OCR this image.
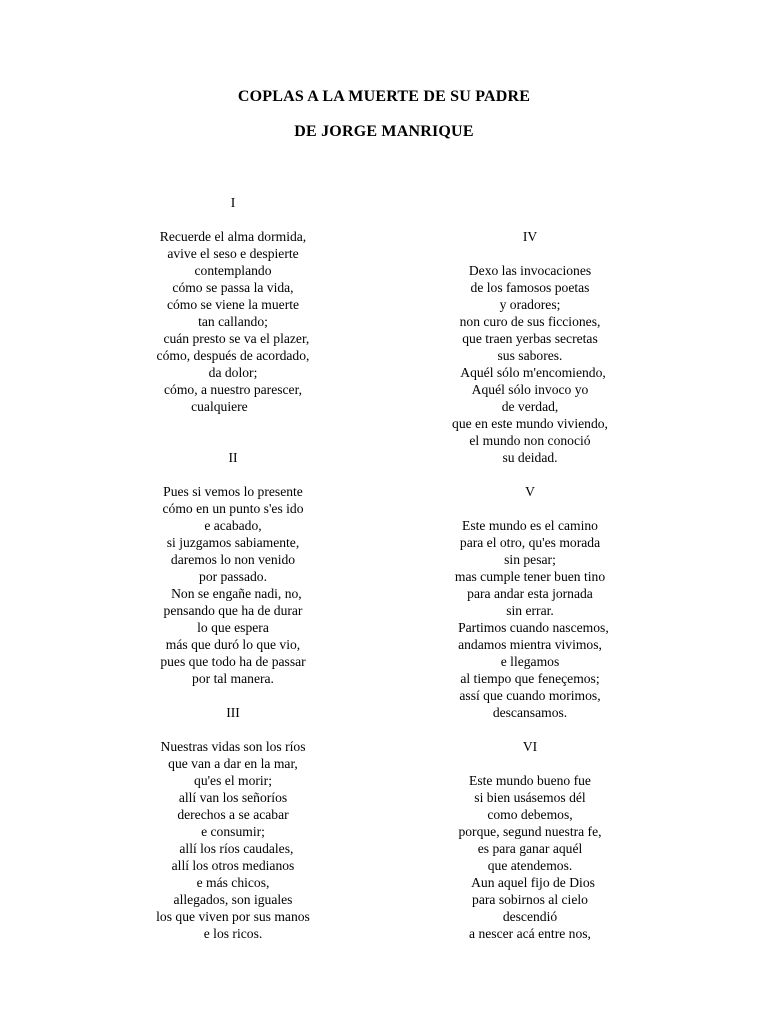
COPLAS A LA MUERTE DE SU PADRE
DE JORGE MANRIQUE
I
Recuerde el alma dormida,
avive el seso e despierte
contemplando
cómo se passa la vida,
cómo se viene la muerte
tan callando;
cuán presto se va el plazer,
cómo, después de acordado,
da dolor;
cómo, a nuestro parescer,
cualquiere
II
Pues si vemos lo presente
cómo en un punto s'es ido
e acabado,
si juzgamos sabiamente,
daremos lo non venido
por passado.
Non se engañe nadi, no,
pensando que ha de durar
lo que espera
más que duró lo que vio,
pues que todo ha de passar
por tal manera.
III
Nuestras vidas son los ríos
que van a dar en la mar,
qu'es el morir;
allí van los señoríos
derechos a se acabar
e consumir;
allí los ríos caudales,
allí los otros medianos
e más chicos,
allegados, son iguales
los que viven por sus manos
e los ricos.
IV
Dexo las invocaciones
de los famosos poetas
y oradores;
non curo de sus ficciones,
que traen yerbas secretas
sus sabores.
Aquél sólo m'encomiendo,
Aquél sólo invoco yo
de verdad,
que en este mundo viviendo,
el mundo non conoció
su deidad.
V
Este mundo es el camino
para el otro, qu'es morada
sin pesar;
mas cumple tener buen tino
para andar esta jornada
sin errar.
Partimos cuando nascemos,
andamos mientra vivimos,
e llegamos
al tiempo que feneçemos;
assí que cuando morimos,
descansamos.
VI
Este mundo bueno fue
si bien usásemos dél
como debemos,
porque, segund nuestra fe,
es para ganar aquél
que atendemos.
Aun aquel fijo de Dios
para sobirnos al cielo
descendió
a nescer acá entre nos,
